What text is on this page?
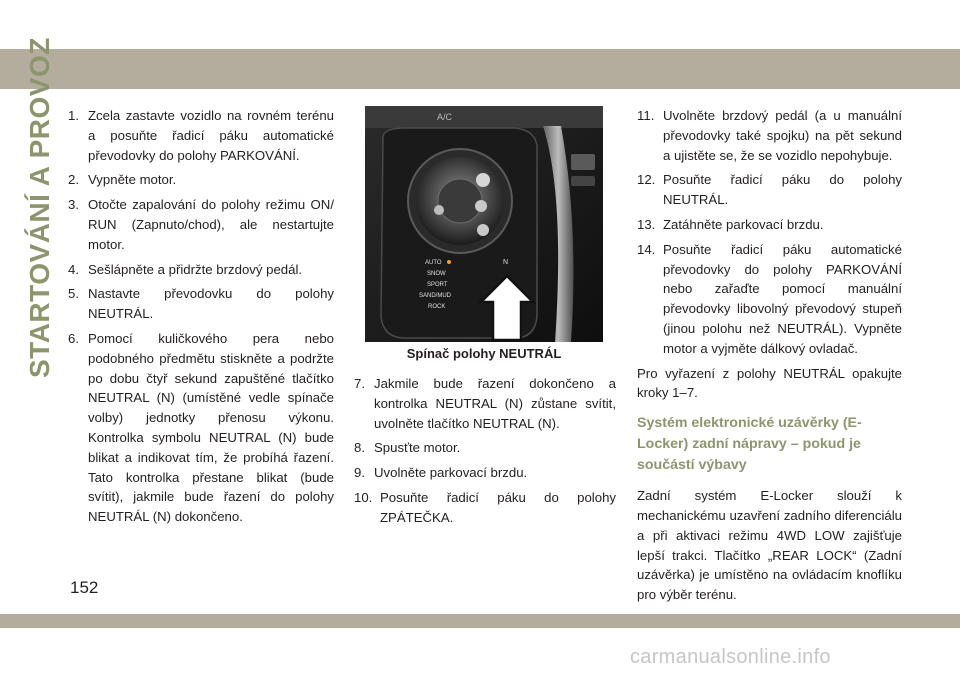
STARTOVÁNÍ A PROVOZ 1. Zcela zastavte vozidlo na rovném terénu a posuňte řadicí páku automatické převodovky do polohy PARKOVÁNÍ.
2. Vypněte motor.
3. Otočte zapalování do polohy režimu ON/ RUN (Zapnuto/chod), ale nestartujte motor.
4. Sešlápněte a přidržte brzdový pedál.
5. Nastavte převodovku do polohy NEUTRÁL.
6. Pomocí kuličkového pera nebo podobného předmětu stiskněte a podržte po dobu čtyř sekund zapuštěné tlačítko NEUTRAL (N) (umístěné vedle spínače volby) jednotky přenosu výkonu. Kontrolka symbolu NEUTRAL (N) bude blikat a indikovat tím, že probíhá řazení. Tato kontrolka přestane blikat (bude svítit), jakmile bude řazení do polohy NEUTRÁL (N) dokončeno.
A/C
AUTO
SNOW
SPORT
SAND/MUD
ROCK
N
Spínač polohy NEUTRÁL
7. Jakmile bude řazení dokončeno a kontrolka NEUTRAL (N) zůstane svítit, uvolněte tlačítko NEUTRAL (N).
8. Spusťte motor.
9. Uvolněte parkovací brzdu.
10. Posuňte řadicí páku do polohy ZPÁTEČKA.
11. Uvolněte brzdový pedál (a u manuální převodovky také spojku) na pět sekund a ujistěte se, že se vozidlo nepohybuje.
12. Posuňte řadicí páku do polohy NEUTRÁL.
13. Zatáhněte parkovací brzdu.
14. Posuňte řadicí páku automatické převodovky do polohy PARKOVÁNÍ nebo zařaďte pomocí manuální převodovky libovolný převodový stupeň (jinou polohu než NEUTRÁL). Vypněte motor a vyjměte dálkový ovladač.

Pro vyřazení z polohy NEUTRÁL opakujte kroky 1–7.

Systém elektronické uzávěrky (E-Locker) zadní nápravy – pokud je součástí výbavy

Zadní systém E-Locker slouží k mechanickému uzavření zadního diferenciálu a při aktivaci režimu 4WD LOW zajišťuje lepší trakci. Tlačítko „REAR LOCK“ (Zadní uzávěrka) je umístěno na ovládacím knoflíku pro výběr terénu.

152
carmanualsonline.info
